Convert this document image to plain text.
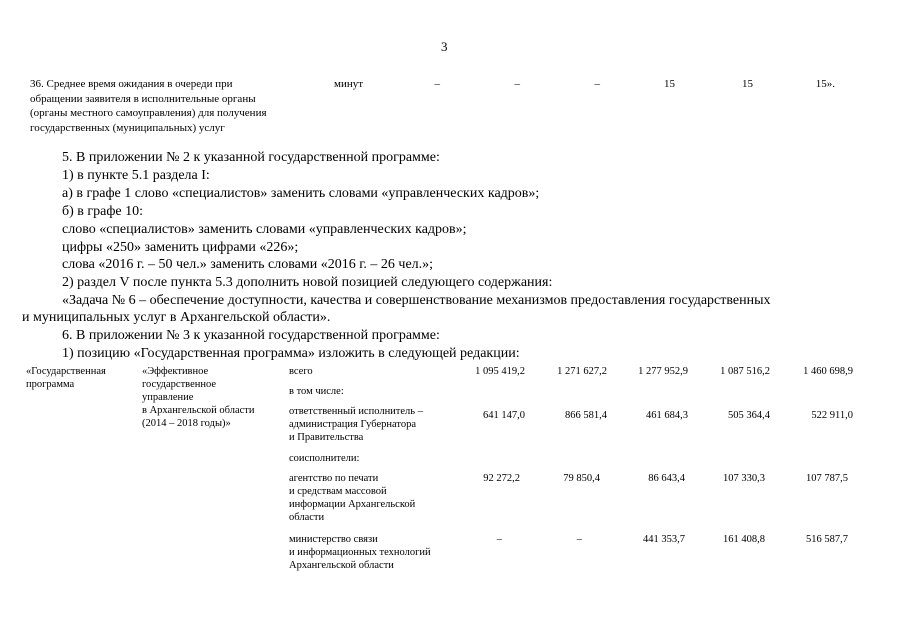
3
36. Среднее время ожидания в очереди при
обращении заявителя в исполнительные органы
(органы местного самоуправления) для получения
государственных (муниципальных) услуг
минут	–	–	–	15	15	15».
5. В приложении № 2 к указанной государственной программе:
1) в пункте 5.1 раздела I:
а) в графе 1 слово «специалистов» заменить словами «управленческих кадров»;
б) в графе 10:
слово «специалистов» заменить словами «управленческих кадров»;
цифры «250» заменить цифрами «226»;
слова «2016 г. – 50 чел.» заменить словами «2016 г. – 26 чел.»;
2) раздел V после пункта 5.3 дополнить новой позицией следующего содержания:
«Задача № 6 – обеспечение доступности, качества и совершенствование механизмов предоставления государственных
и муниципальных услуг в Архангельской области».
6. В приложении № 3 к указанной государственной программе:
1) позицию «Государственная программа» изложить в следующей редакции:
«Государственная
программа
«Эффективное
государственное
управление
в Архангельской области
(2014 – 2018 годы)»
всего	1 095 419,2	1 271 627,2	1 277 952,9	1 087 516,2	1 460 698,9
в том числе:
ответственный исполнитель –
администрация Губернатора
и Правительства
641 147,0	866 581,4	461 684,3	505 364,4	522 911,0
соисполнители:
агентство по печати
и средствам массовой
информации Архангельской
области
92 272,2	79 850,4	86 643,4	107 330,3	107 787,5
министерство связи
и информационных технологий
Архангельской области
–	–	441 353,7	161 408,8	516 587,7
